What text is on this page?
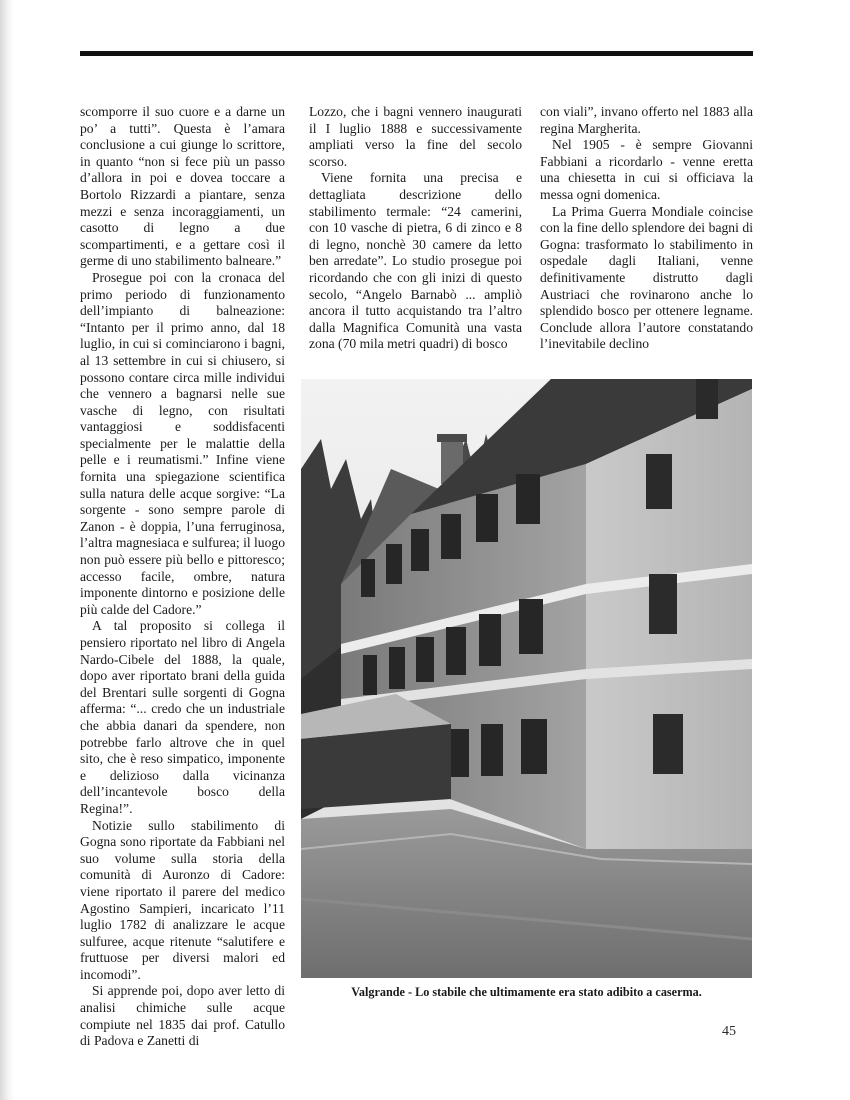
scomporre il suo cuore e a darne un po’ a tutti”. Questa è l’amara conclusione a cui giunge lo scrittore, in quanto “non si fece più un passo d’allora in poi e dovea toccare a Bortolo Rizzardi a piantare, senza mezzi e senza incoraggiamenti, un casotto di legno a due scompartimenti, e a gettare così il germe di uno stabilimento balneare.”

Prosegue poi con la cronaca del primo periodo di funzionamento dell’impianto di balneazione: “Intanto per il primo anno, dal 18 luglio, in cui si cominciarono i bagni, al 13 settembre in cui si chiusero, si possono contare circa mille individui che vennero a bagnarsi nelle sue vasche di legno, con risultati vantaggiosi e soddisfacenti specialmente per le malattie della pelle e i reumatismi.” Infine viene fornita una spiegazione scientifica sulla natura delle acque sorgive: “La sorgente - sono sempre parole di Zanon - è doppia, l’una ferruginosa, l’altra magnesiaca e sulfurea; il luogo non può essere più bello e pittoresco; accesso facile, ombre, natura imponente dintorno e posizione delle più calde del Cadore.”

A tal proposito si collega il pensiero riportato nel libro di Angela Nardo-Cibele del 1888, la quale, dopo aver riportato brani della guida del Brentari sulle sorgenti di Gogna afferma: “... credo che un industriale che abbia danari da spendere, non potrebbe farlo altrove che in quel sito, che è reso simpatico, imponente e delizioso dalla vicinanza dell’incantevole bosco della Regina!”.

Notizie sullo stabilimento di Gogna sono riportate da Fabbiani nel suo volume sulla storia della comunità di Auronzo di Cadore: viene riportato il parere del medico Agostino Sampieri, incaricato l’11 luglio 1782 di analizzare le acque sulfuree, acque ritenute “salutifere e fruttuose per diversi malori ed incomodi”.

Si apprende poi, dopo aver letto di analisi chimiche sulle acque compiute nel 1835 dai prof. Catullo di Padova e Zanetti di

Lozzo, che i bagni vennero inaugurati il I luglio 1888 e successivamente ampliati verso la fine del secolo scorso.

Viene fornita una precisa e dettagliata descrizione dello stabilimento termale: “24 camerini, con 10 vasche di pietra, 6 di zinco e 8 di legno, nonchè 30 camere da letto ben arredate”. Lo studio prosegue poi ricordando che con gli inizi di questo secolo, “Angelo Barnabò ... ampliò ancora il tutto acquistando tra l’altro dalla Magnifica Comunità una vasta zona (70 mila metri quadri) di bosco

con viali”, invano offerto nel 1883 alla regina Margherita.

Nel 1905 - è sempre Giovanni Fabbiani a ricordarlo - venne eretta una chiesetta in cui si officiava la messa ogni domenica.

La Prima Guerra Mondiale coincise con la fine dello splendore dei bagni di Gogna: trasformato lo stabilimento in ospedale dagli Italiani, venne definitivamente distrutto dagli Austriaci che rovinarono anche lo splendido bosco per ottenere legname. Conclude allora l’autore constatando l’inevitabile declino

Valgrande - Lo stabile che ultimamente era stato adibito a caserma.
45
